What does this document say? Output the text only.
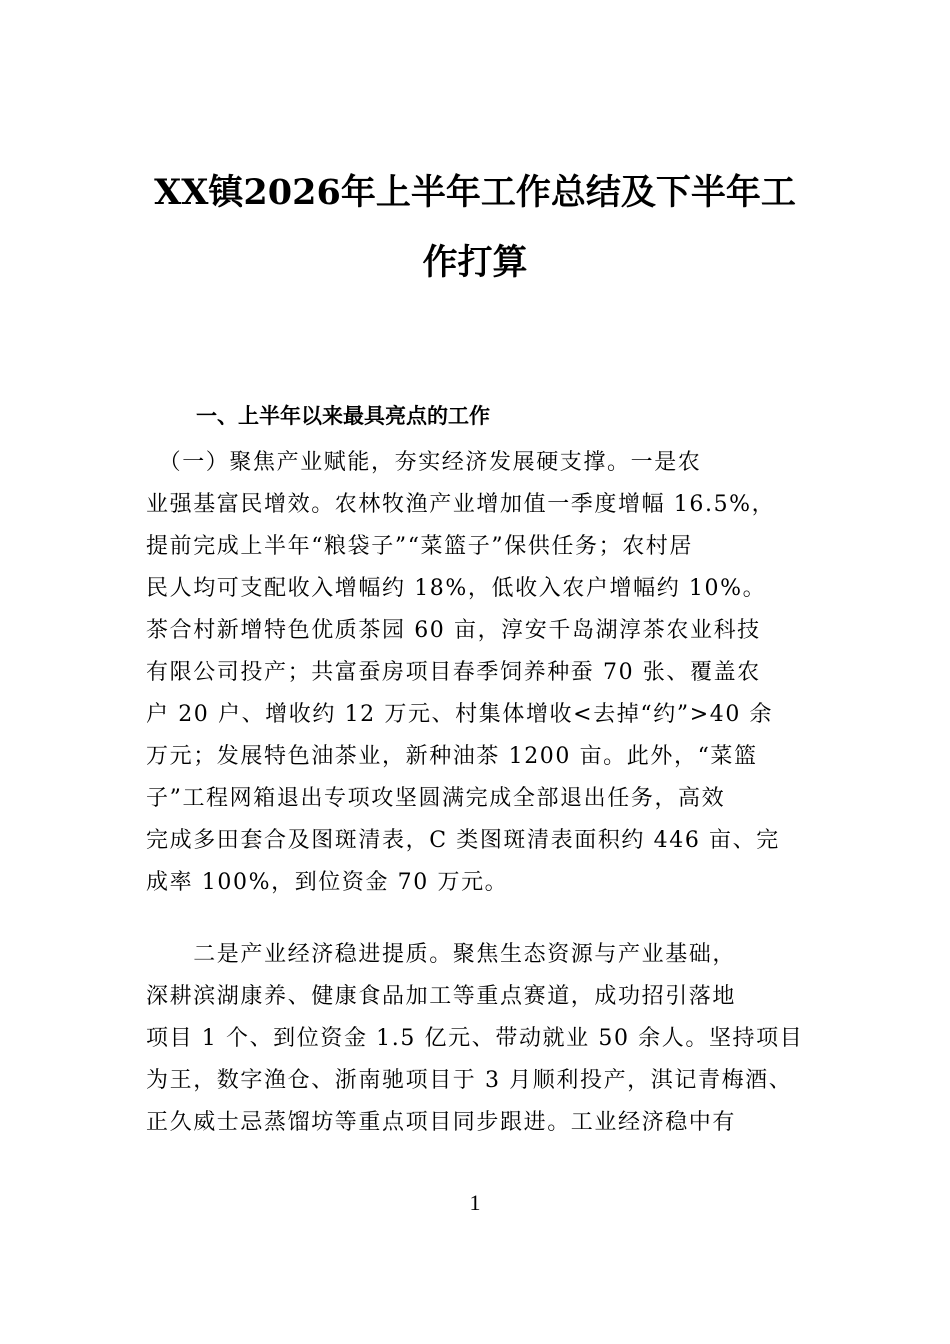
XX镇2026年上半年工作总结及下半年工
作打算
一、上半年以来最具亮点的工作
　（一）聚焦产业赋能，夯实经济发展硬支撑。一是农
业强基富民增效。农林牧渔产业增加值一季度增幅 16.5%，
提前完成上半年“粮袋子”“菜篮子”保供任务；农村居
民人均可支配收入增幅约 18%，低收入农户增幅约 10%。
茶合村新增特色优质茶园 60 亩，淳安千岛湖淳茶农业科技
有限公司投产；共富蚕房项目春季饲养种蚕 70 张、覆盖农
户 20 户、增收约 12 万元、村集体增收<去掉“约”>40 余
万元；发展特色油茶业，新种油茶 1200 亩。此外，“菜篮
子”工程网箱退出专项攻坚圆满完成全部退出任务，高效
完成多田套合及图斑清表，C 类图斑清表面积约 446 亩、完
成率 100%，到位资金 70 万元。
　　二是产业经济稳进提质。聚焦生态资源与产业基础，
深耕滨湖康养、健康食品加工等重点赛道，成功招引落地
项目 1 个、到位资金 1.5 亿元、带动就业 50 余人。坚持项目
为王，数字渔仓、浙南驰项目于 3 月顺利投产，淇记青梅酒、
正久威士忌蒸馏坊等重点项目同步跟进。工业经济稳中有
1
